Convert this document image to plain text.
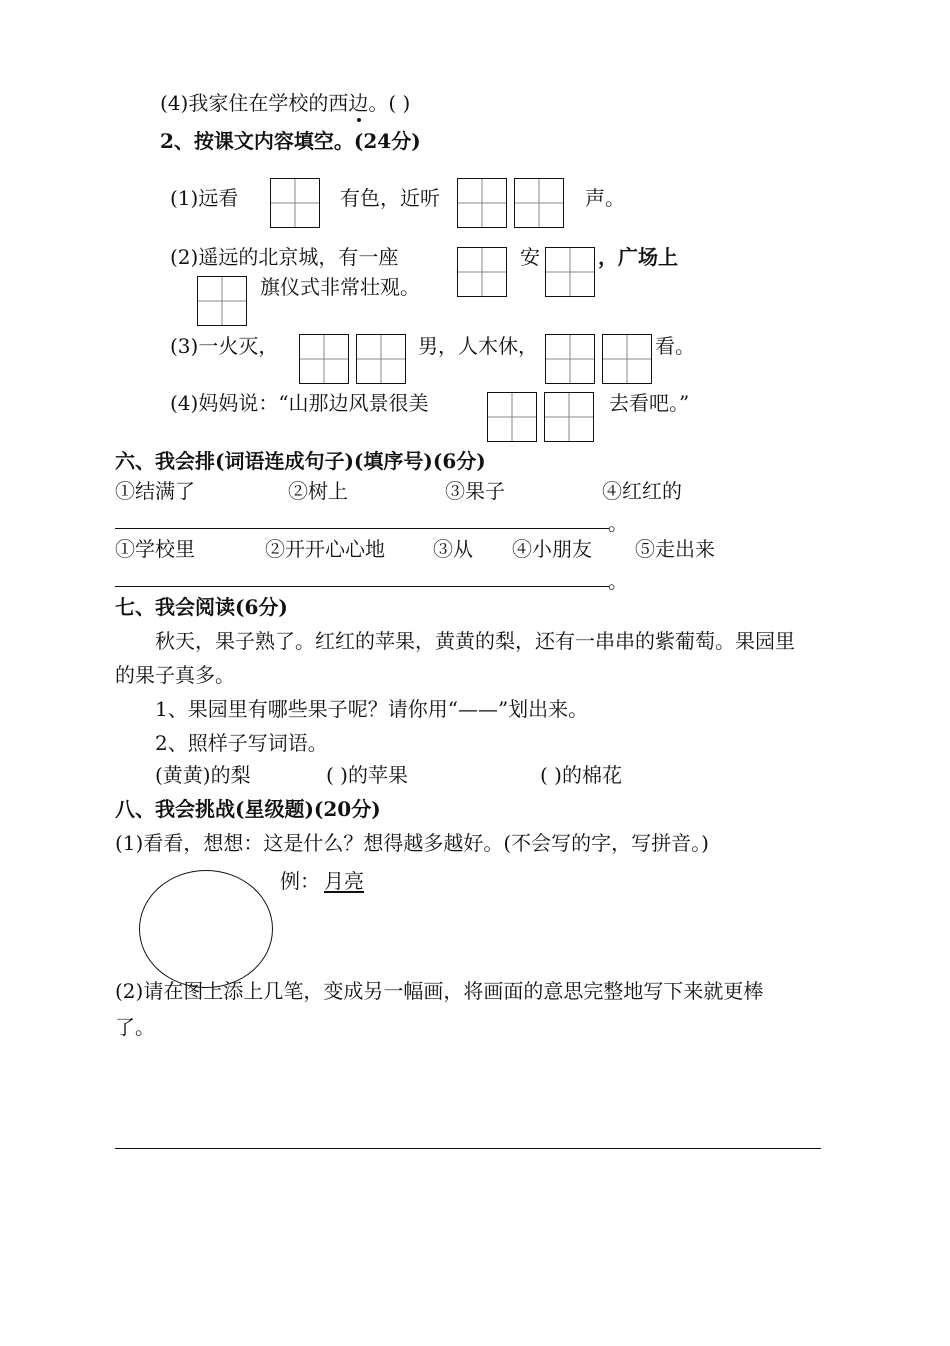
(4)我家住在学校的西边。( )
2、按课文内容填空。(24分)
(1)远看	有色，近听	声。
(2)遥远的北京城，有一座	安	，广场上
旗仪式非常壮观。
(3)一火灭，	男，人木休，	看。
(4)妈妈说：“山那边风景很美	去看吧。”
六、我会排(词语连成句子)(填序号)(6分)
①结满了	②树上	③果子	④红红的
。
①学校里	②开开心心地 ③从 ④小朋友 ⑤走出来
。
七、我会阅读(6分)
秋天，果子熟了。红红的苹果，黄黄的梨，还有一串串的紫葡萄。果园里
的果子真多。
1、果园里有哪些果子呢？请你用“——”划出来。
2、照样子写词语。
(黄黄)的梨	( )的苹果	( )的棉花
八、我会挑战(星级题)(20分)
(1)看看，想想：这是什么？想得越多越好。(不会写的字，写拼音。)
例： 月亮
(2)请在图上添上几笔，变成另一幅画，将画面的意思完整地写下来就更棒
了。
